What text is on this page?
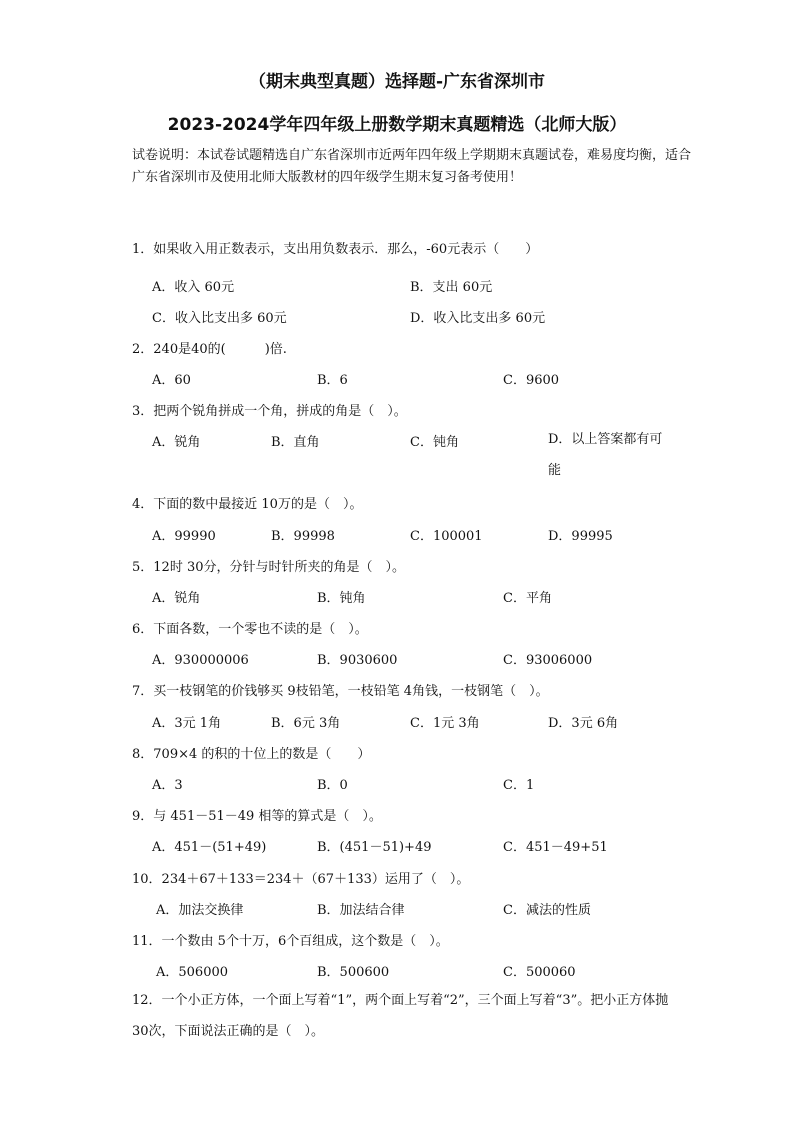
（期末典型真题）选择题-广东省深圳市
2023-2024学年四年级上册数学期末真题精选（北师大版）
试卷说明：本试卷试题精选自广东省深圳市近两年四年级上学期期末真题试卷，难易度均衡，适合广东省深圳市及使用北师大版教材的四年级学生期末复习备考使用！
1．如果收入用正数表示，支出用负数表示．那么，-60元表示（　　）
A．收入 60元	B．支出 60元
C．收入比支出多 60元	D．收入比支出多 60元
2．240是40的(　　　)倍.
A．60	B．6	C．9600
3．把两个锐角拼成一个角，拼成的角是（　）。
A．锐角	B．直角	C．钝角	D．以上答案都有可能
4．下面的数中最接近 10万的是（　）。
A．99990	B．99998	C．100001	D．99995
5．12时 30分，分针与时针所夹的角是（　）。
A．锐角	B．钝角	C．平角
6．下面各数，一个零也不读的是（　）。
A．930000006	B．9030600	C．93006000
7．买一枝钢笔的价钱够买 9枝铅笔，一枝铅笔 4角钱，一枝钢笔（　）。
A．3元 1角	B．6元 3角	C．1元 3角	D．3元 6角
8．709×4 的积的十位上的数是（　　）
A．3	B．0	C．1
9．与 451－51－49 相等的算式是（　）。
A．451－(51+49)	B．(451－51)+49	C．451－49+51
10．234＋67＋133＝234＋（67＋133）运用了（　）。
A．加法交换律	B．加法结合律	C．减法的性质
11．一个数由 5个十万，6个百组成，这个数是（　）。
A．506000	B．500600	C．500060
12．一个小正方体，一个面上写着“1”，两个面上写着“2”，三个面上写着“3”。把小正方体抛 30次，下面说法正确的是（　）。
